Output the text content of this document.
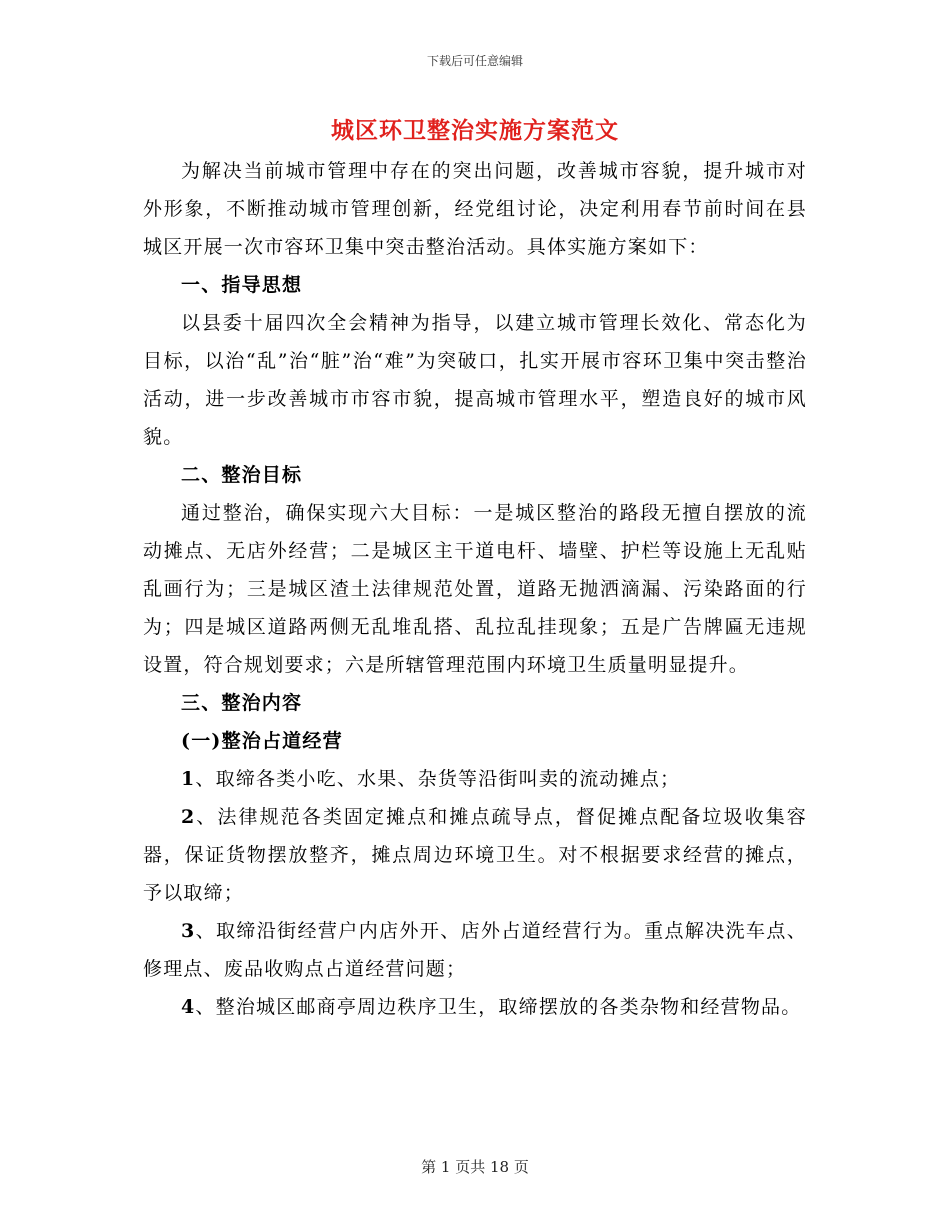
下载后可任意编辑
城区环卫整治实施方案范文

为解决当前城市管理中存在的突出问题，改善城市容貌，提升城市对外形象，不断推动城市管理创新，经党组讨论，决定利用春节前时间在县城区开展一次市容环卫集中突击整治活动。具体实施方案如下：

一、指导思想

以县委十届四次全会精神为指导，以建立城市管理长效化、常态化为目标，以治“乱”治“脏”治“难”为突破口，扎实开展市容环卫集中突击整治活动，进一步改善城市市容市貌，提高城市管理水平，塑造良好的城市风貌。

二、整治目标

通过整治，确保实现六大目标：一是城区整治的路段无擅自摆放的流动摊点、无店外经营；二是城区主干道电杆、墙壁、护栏等设施上无乱贴乱画行为；三是城区渣土法律规范处置，道路无抛洒滴漏、污染路面的行为；四是城区道路两侧无乱堆乱搭、乱拉乱挂现象；五是广告牌匾无违规设置，符合规划要求；六是所辖管理范围内环境卫生质量明显提升。

三、整治内容

(一)整治占道经营

1、取缔各类小吃、水果、杂货等沿街叫卖的流动摊点；

2、法律规范各类固定摊点和摊点疏导点，督促摊点配备垃圾收集容器，保证货物摆放整齐，摊点周边环境卫生。对不根据要求经营的摊点，予以取缔；

3、取缔沿街经营户内店外开、店外占道经营行为。重点解决洗车点、修理点、废品收购点占道经营问题；

4、整治城区邮商亭周边秩序卫生，取缔摆放的各类杂物和经营物品。

第 1 页共 18 页
